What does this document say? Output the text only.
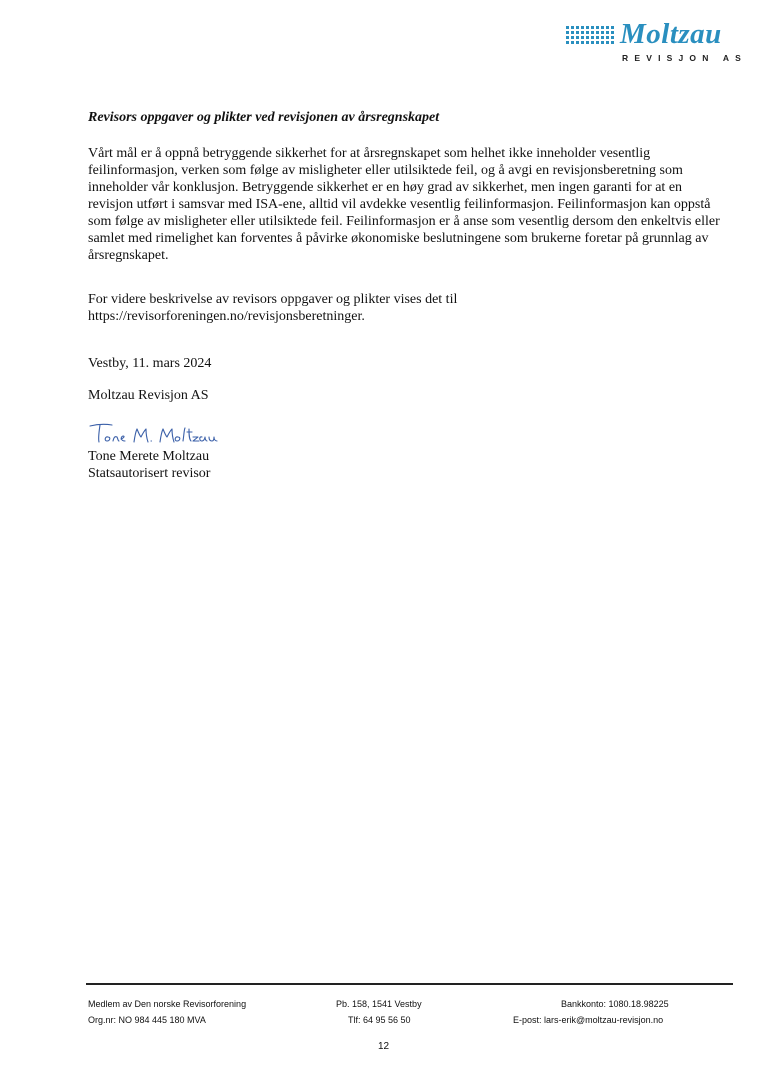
Moltzau
REVISJON AS
Revisors oppgaver og plikter ved revisjonen av årsregnskapet

Vårt mål er å oppnå betryggende sikkerhet for at årsregnskapet som helhet ikke inneholder vesentlig feilinformasjon, verken som følge av misligheter eller utilsiktede feil, og å avgi en revisjonsberetning som inneholder vår konklusjon. Betryggende sikkerhet er en høy grad av sikkerhet, men ingen garanti for at en revisjon utført i samsvar med ISA-ene, alltid vil avdekke vesentlig feilinformasjon. Feilinformasjon kan oppstå som følge av misligheter eller utilsiktede feil. Feilinformasjon er å anse som vesentlig dersom den enkeltvis eller samlet med rimelighet kan forventes å påvirke økonomiske beslutningene som brukerne foretar på grunnlag av årsregnskapet.

For videre beskrivelse av revisors oppgaver og plikter vises det til https://revisorforeningen.no/revisjonsberetninger.

Vestby, 11. mars 2024
Moltzau Revisjon AS
Tone Merete Moltzau
Statsautorisert revisor
Medlem av Den norske Revisorforening
Org.nr: NO 984 445 180 MVA
Pb. 158, 1541 Vestby
Tlf: 64 95 56 50
Bankkonto: 1080.18.98225
E-post: lars-erik@moltzau-revisjon.no
12
